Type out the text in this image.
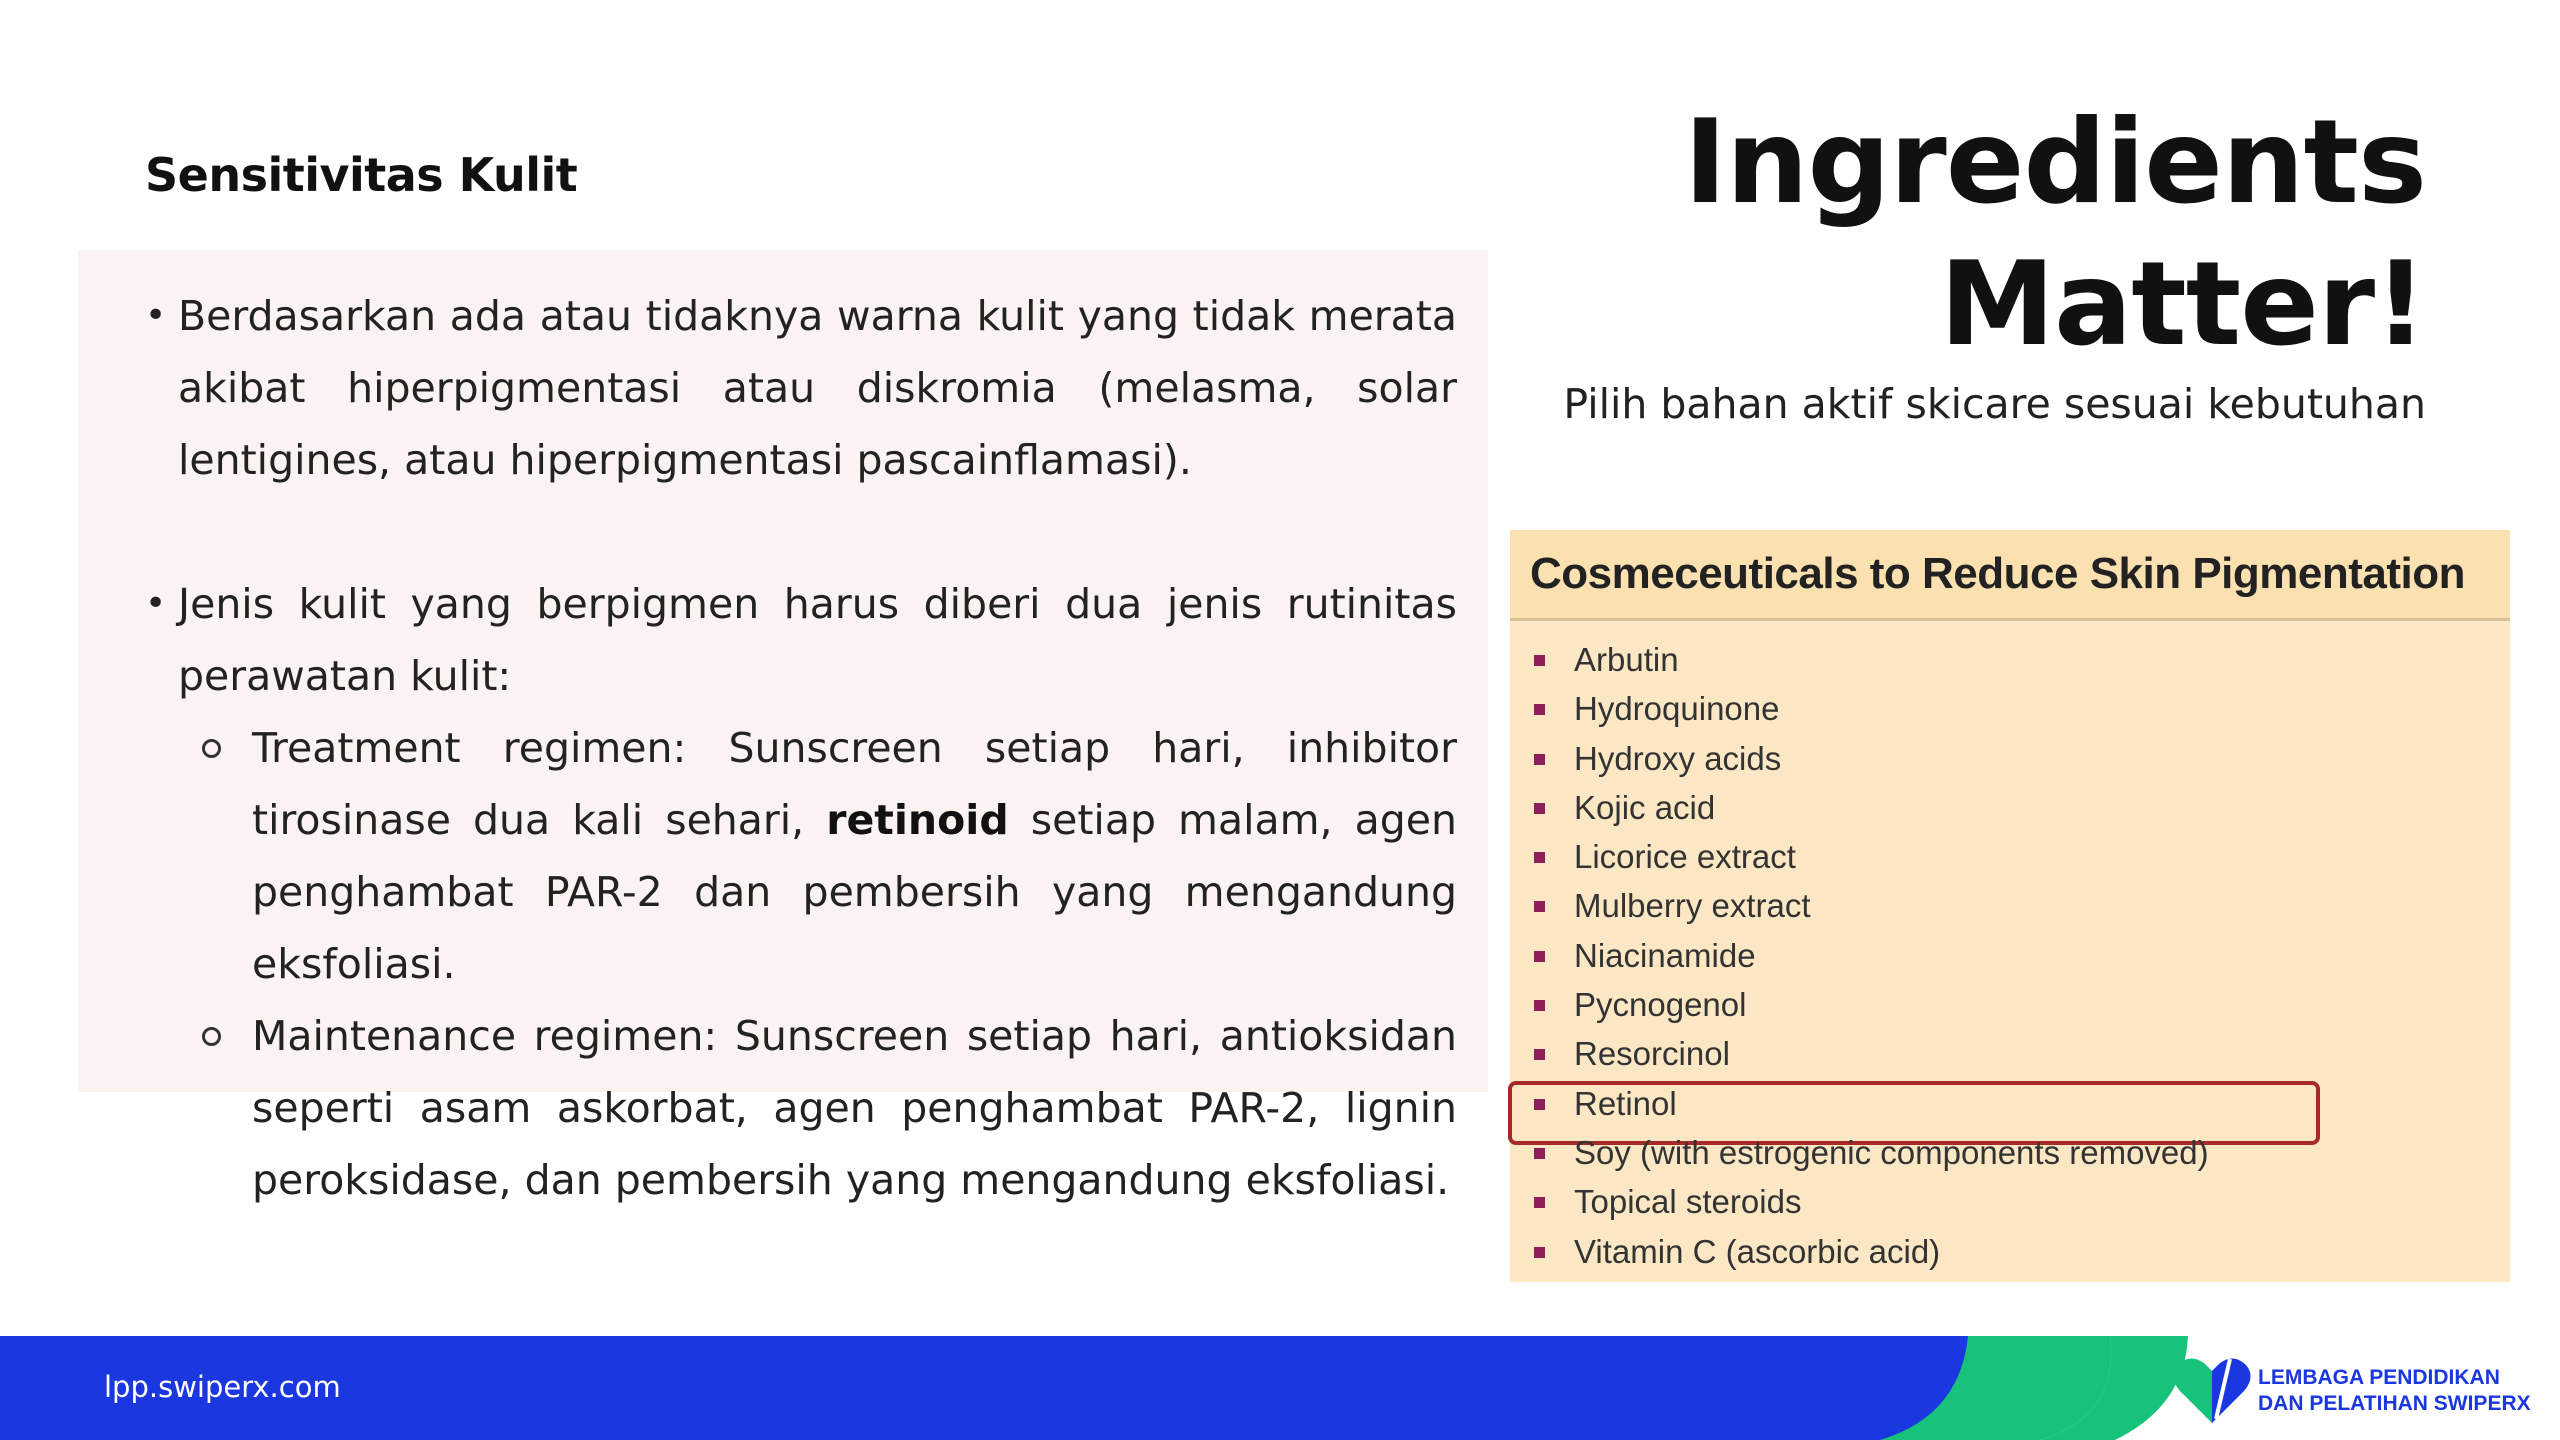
Sensitivitas Kulit

• Berdasarkan ada atau tidaknya warna kulit yang tidak merata akibat hiperpigmentasi atau diskromia (melasma, solar lentigines, atau hiperpigmentasi pascainflamasi).

• Jenis kulit yang berpigmen harus diberi dua jenis rutinitas perawatan kulit:

Treatment regimen: Sunscreen setiap hari, inhibitor tirosinase dua kali sehari, retinoid setiap malam, agen penghambat PAR-2 dan pembersih yang mengandung eksfoliasi.
Maintenance regimen: Sunscreen setiap hari, antioksidan seperti asam askorbat, agen penghambat PAR-2, lignin peroksidase, dan pembersih yang mengandung eksfoliasi.
Ingredients
Matter!
Pilih bahan aktif skicare sesuai kebutuhan
Cosmeceuticals to Reduce Skin Pigmentation
Arbutin
Hydroquinone
Hydroxy acids
Kojic acid
Licorice extract
Mulberry extract
Niacinamide
Pycnogenol
Resorcinol
Retinol
Soy (with estrogenic components removed)
Topical steroids
Vitamin C (ascorbic acid)
lpp.swiperx.com	LEMBAGA PENDIDIKAN
DAN PELATIHAN SWIPERX
